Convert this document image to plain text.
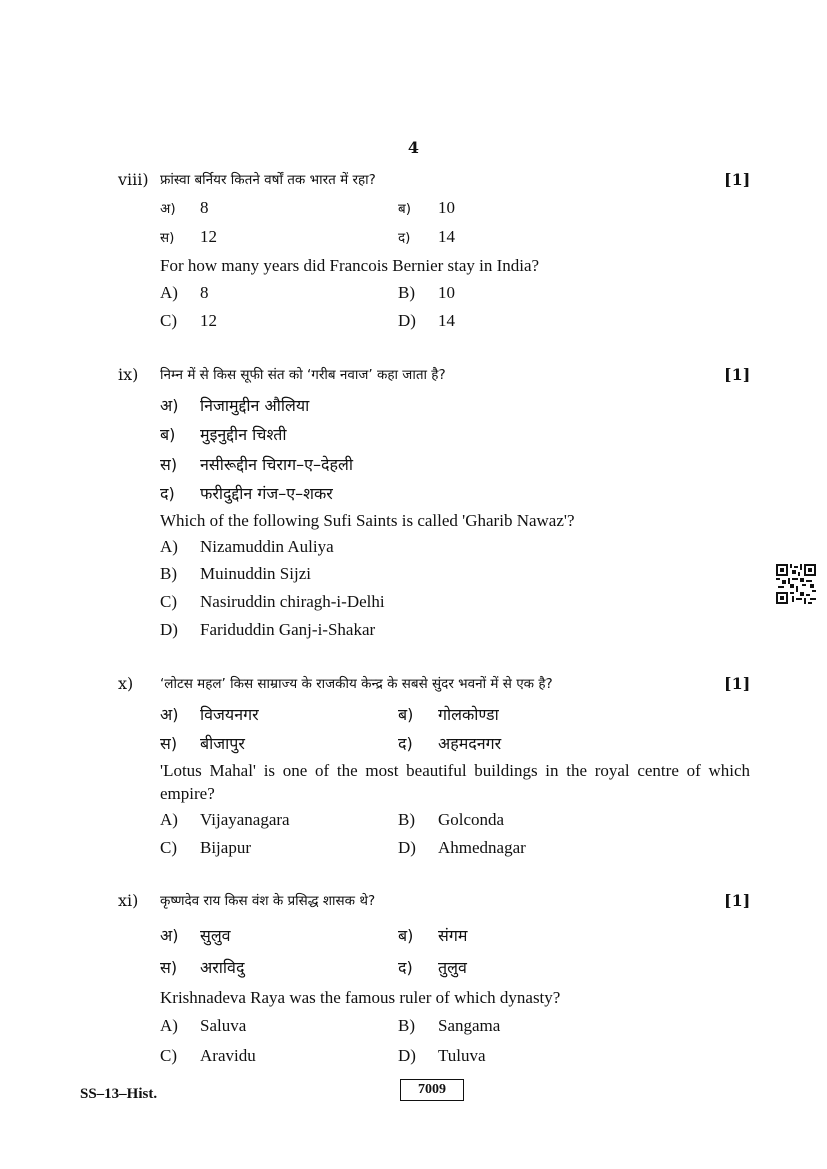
4
viii) फ्रांस्वा बर्नियर कितने वर्षों तक भारत में रहा?	[1]
अ) 8	ब) 10
स) 12	द) 14
For how many years did Francois Bernier stay in India?
A) 8	B) 10
C) 12	D) 14
ix) निम्न में से किस सूफी संत को ‘गरीब नवाज’ कहा जाता है?	[1]
अ) निजामुद्दीन औलिया
ब) मुइनुद्दीन चिश्ती
स) नसीरूद्दीन चिराग–ए–देहली
द) फरीदुद्दीन गंज–ए–शकर
Which of the following Sufi Saints is called 'Gharib Nawaz'?
A) Nizamuddin Auliya
B) Muinuddin Sijzi
C) Nasiruddin chiragh-i-Delhi
D) Fariduddin Ganj-i-Shakar
x) ‘लोटस महल’ किस साम्राज्य के राजकीय केन्द्र के सबसे सुंदर भवनों में से एक है?	[1]
अ) विजयनगर	ब) गोलकोण्डा
स) बीजापुर	द) अहमदनगर
'Lotus Mahal' is one of the most beautiful buildings in the royal centre of which empire?
A) Vijayanagara	B) Golconda
C) Bijapur	D) Ahmednagar
xi) कृष्णदेव राय किस वंश के प्रसिद्ध शासक थे?	[1]
अ) सुलुव	ब) संगम
स) अराविदु	द) तुलुव
Krishnadeva Raya was the famous ruler of which dynasty?
A) Saluva	B) Sangama
C) Aravidu	D) Tuluva
SS–13–Hist.	7009
